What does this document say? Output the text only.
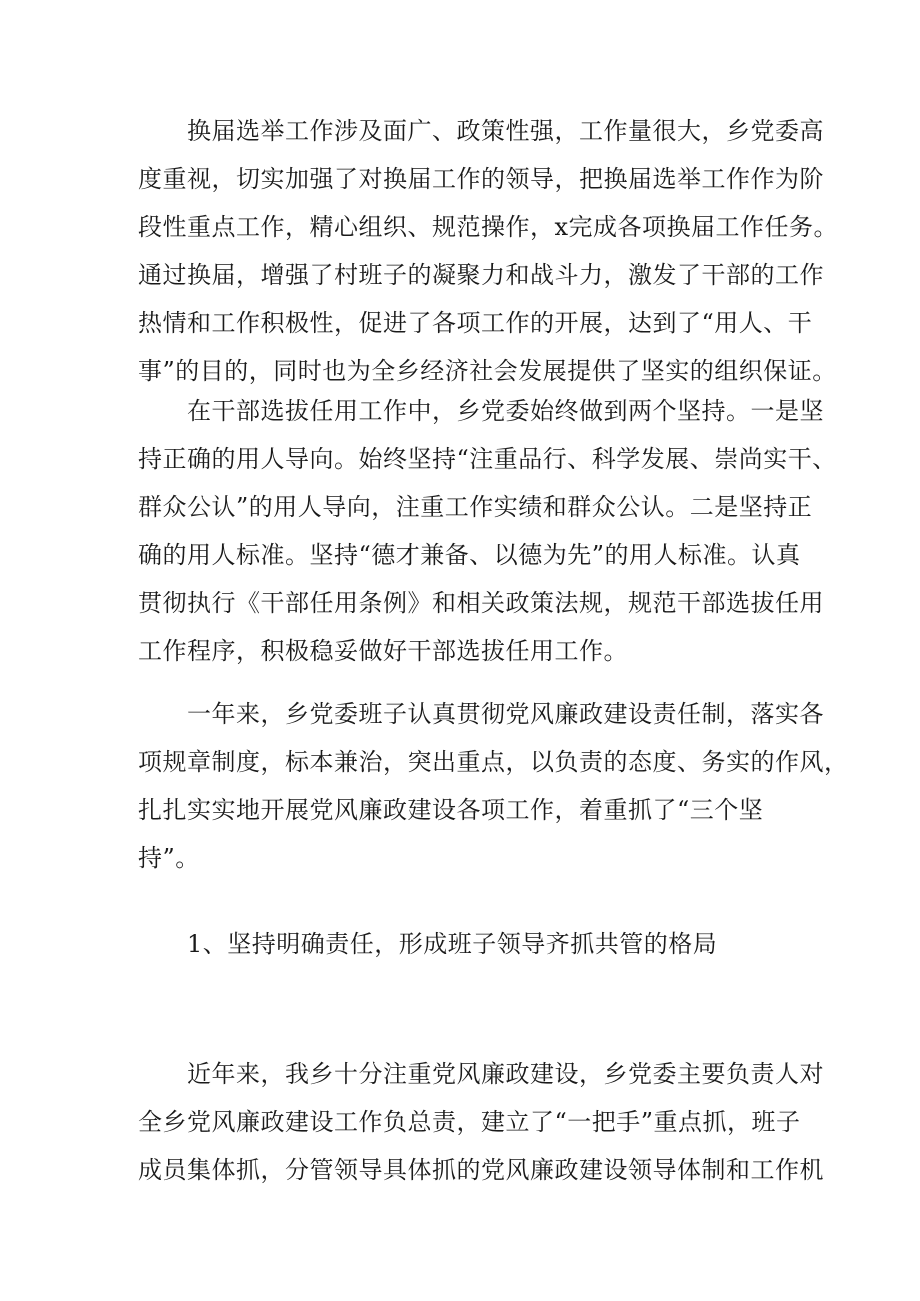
　　换届选举工作涉及面广、政策性强，工作量很大，乡党委高
度重视，切实加强了对换届工作的领导，把换届选举工作作为阶
段性重点工作，精心组织、规范操作，x完成各项换届工作任务。
通过换届，增强了村班子的凝聚力和战斗力，激发了干部的工作
热情和工作积极性，促进了各项工作的开展，达到了“用人、干
事”的目的，同时也为全乡经济社会发展提供了坚实的组织保证。
　　在干部选拔任用工作中，乡党委始终做到两个坚持。一是坚
持正确的用人导向。始终坚持“注重品行、科学发展、崇尚实干、
群众公认”的用人导向，注重工作实绩和群众公认。二是坚持正
确的用人标准。坚持“德才兼备、以德为先”的用人标准。认真
贯彻执行《干部任用条例》和相关政策法规，规范干部选拔任用
工作程序，积极稳妥做好干部选拔任用工作。
　　一年来，乡党委班子认真贯彻党风廉政建设责任制，落实各
项规章制度，标本兼治，突出重点，以负责的态度、务实的作风，
扎扎实实地开展党风廉政建设各项工作，着重抓了“三个坚
持”。
　　1、坚持明确责任，形成班子领导齐抓共管的格局
　　近年来，我乡十分注重党风廉政建设，乡党委主要负责人对
全乡党风廉政建设工作负总责，建立了“一把手”重点抓，班子
成员集体抓，分管领导具体抓的党风廉政建设领导体制和工作机
